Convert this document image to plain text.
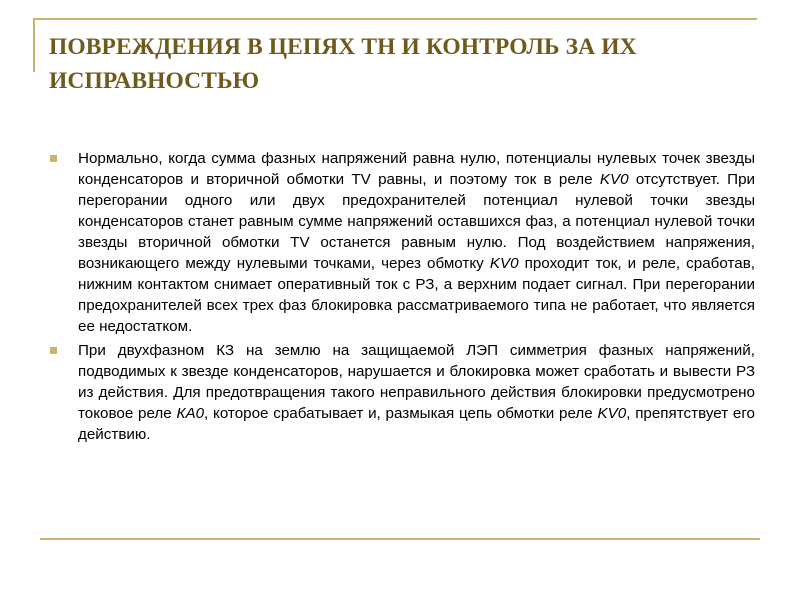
ПОВРЕЖДЕНИЯ В ЦЕПЯХ ТН И КОНТРОЛЬ ЗА ИХ ИСПРАВНОСТЬЮ
Нормально, когда сумма фазных напряжений равна нулю, потенциалы нулевых точек звезды конденсаторов и вторичной обмотки TV равны, и поэтому ток в реле KV0 отсутствует. При перегорании одного или двух предохранителей потенциал нулевой точки звезды конденсаторов станет равным сумме напряжений оставшихся фаз, а потенциал нулевой точки звезды вторичной обмотки TV останется равным нулю. Под воздействием напряжения, возникающего между нулевыми точками, через обмотку KV0 проходит ток, и реле, сработав, нижним контактом снимает оперативный ток с РЗ, а верхним подает сигнал. При перегорании предохранителей всех трех фаз блокировка рассматриваемого типа не работает, что является ее недостатком.
При двухфазном КЗ на землю на защищаемой ЛЭП симметрия фазных напряжений, подводимых к звезде конденсаторов, нарушается и блокировка может сработать и вывести РЗ из действия. Для предотвращения такого неправильного действия блокировки предусмотрено токовое реле КА0, которое срабатывает и, размыкая цепь обмотки реле KV0, препятствует его действию.
